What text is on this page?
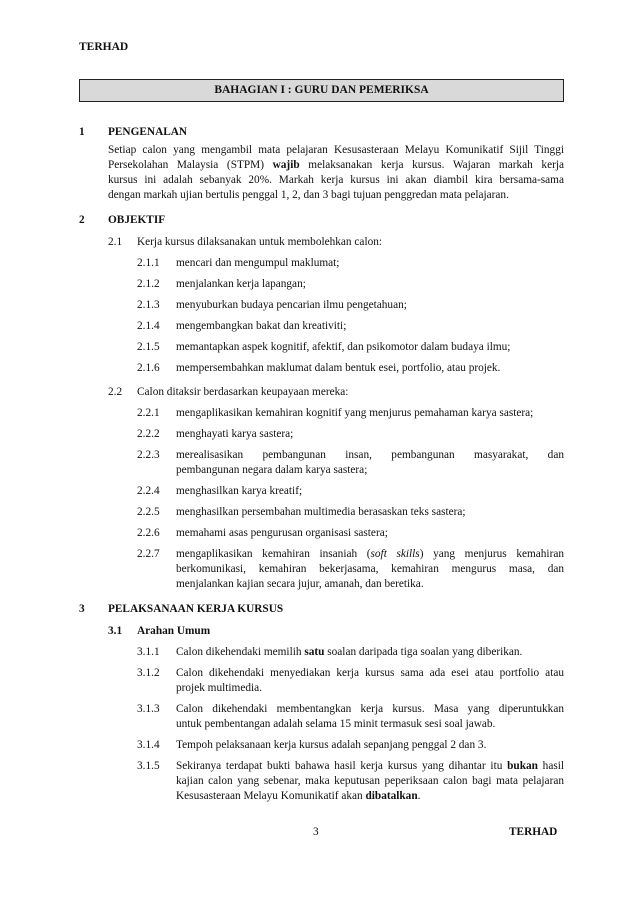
TERHAD
BAHAGIAN I : GURU DAN PEMERIKSA
1 PENGENALAN
Setiap calon yang mengambil mata pelajaran Kesusasteraan Melayu Komunikatif Sijil Tinggi
Persekolahan Malaysia (STPM) wajib melaksanakan kerja kursus. Wajaran markah kerja
kursus ini adalah sebanyak 20%. Markah kerja kursus ini akan diambil kira bersama-sama
dengan markah ujian bertulis penggal 1, 2, dan 3 bagi tujuan penggredan mata pelajaran.
2 OBJEKTIF
2.1 Kerja kursus dilaksanakan untuk membolehkan calon:
2.1.1 mencari dan mengumpul maklumat;
2.1.2 menjalankan kerja lapangan;
2.1.3 menyuburkan budaya pencarian ilmu pengetahuan;
2.1.4 mengembangkan bakat dan kreativiti;
2.1.5 memantapkan aspek kognitif, afektif, dan psikomotor dalam budaya ilmu;
2.1.6 mempersembahkan maklumat dalam bentuk esei, portfolio, atau projek.
2.2 Calon ditaksir berdasarkan keupayaan mereka:
2.2.1 mengaplikasikan kemahiran kognitif yang menjurus pemahaman karya sastera;
2.2.2 menghayati karya sastera;
2.2.3 merealisasikan pembangunan insan, pembangunan masyarakat, dan
pembangunan negara dalam karya sastera;
2.2.4 menghasilkan karya kreatif;
2.2.5 menghasilkan persembahan multimedia berasaskan teks sastera;
2.2.6 memahami asas pengurusan organisasi sastera;
2.2.7 mengaplikasikan kemahiran insaniah (soft skills) yang menjurus kemahiran
berkomunikasi, kemahiran bekerjasama, kemahiran mengurus masa, dan
menjalankan kajian secara jujur, amanah, dan beretika.
3 PELAKSANAAN KERJA KURSUS
3.1 Arahan Umum
3.1.1 Calon dikehendaki memilih satu soalan daripada tiga soalan yang diberikan.
3.1.2 Calon dikehendaki menyediakan kerja kursus sama ada esei atau portfolio atau
projek multimedia.
3.1.3 Calon dikehendaki membentangkan kerja kursus. Masa yang diperuntukkan
untuk pembentangan adalah selama 15 minit termasuk sesi soal jawab.
3.1.4 Tempoh pelaksanaan kerja kursus adalah sepanjang penggal 2 dan 3.
3.1.5 Sekiranya terdapat bukti bahawa hasil kerja kursus yang dihantar itu bukan hasil
kajian calon yang sebenar, maka keputusan peperiksaan calon bagi mata pelajaran
Kesusasteraan Melayu Komunikatif akan dibatalkan.
3	TERHAD
